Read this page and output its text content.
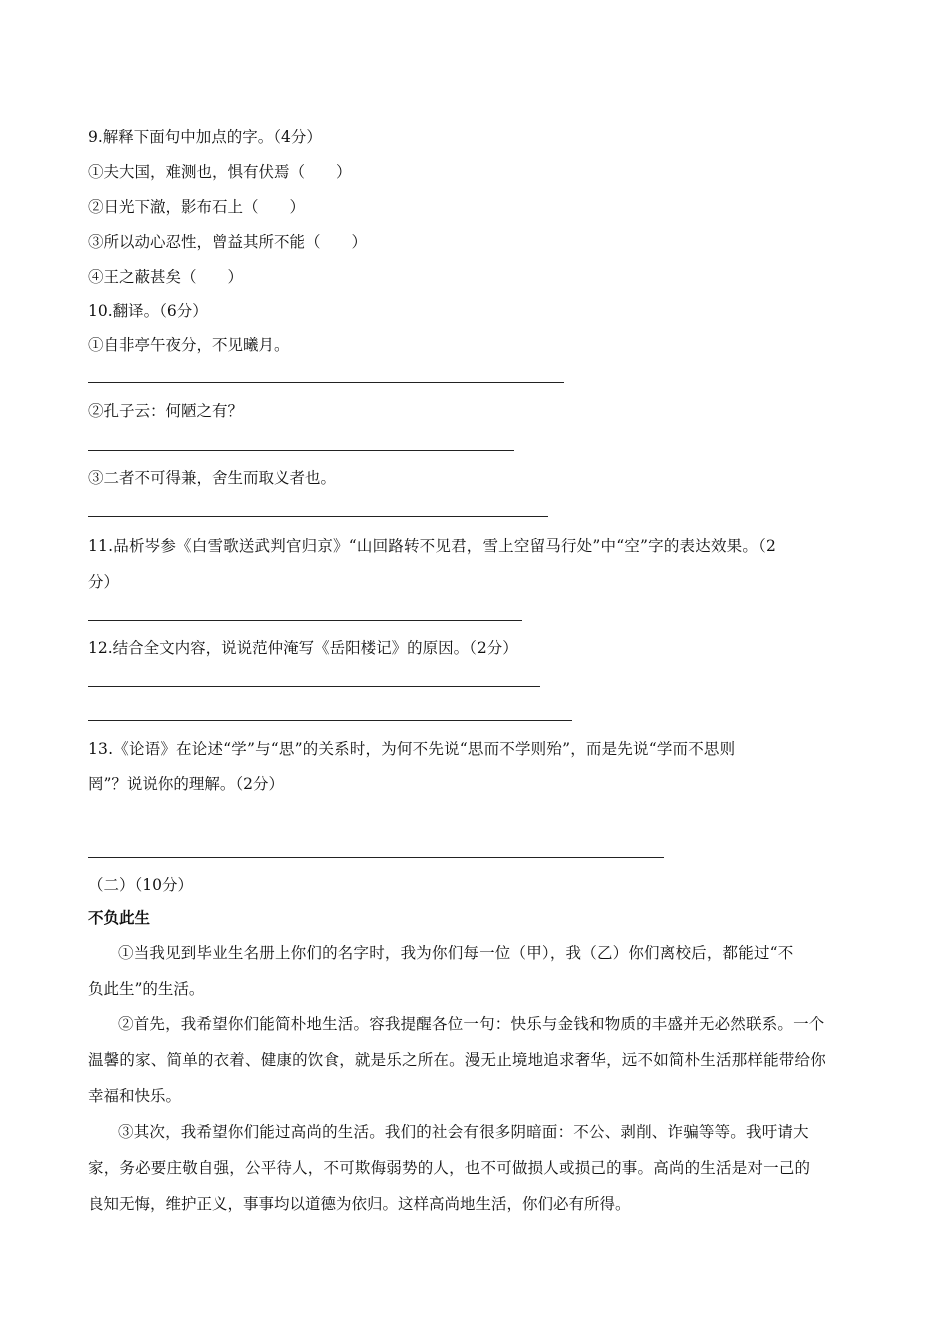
9.解释下面句中加点的字。（4分）
①夫大国，难测也，惧有伏焉（　　）
②日光下澈，影布石上（　　）
③所以动心忍性，曾益其所不能（　　）
④王之蔽甚矣（　　）
10.翻译。（6分）
①自非亭午夜分，不见曦月。
②孔子云：何陋之有？
③二者不可得兼，舍生而取义者也。
11.品析岑参《白雪歌送武判官归京》“山回路转不见君，雪上空留马行处”中“空”字的表达效果。（2
分）
12.结合全文内容，说说范仲淹写《岳阳楼记》的原因。（2分）
13.《论语》在论述“学”与“思”的关系时，为何不先说“思而不学则殆”，而是先说“学而不思则
罔”？说说你的理解。（2分）
（二）（10分）
不负此生
①当我见到毕业生名册上你们的名字时，我为你们每一位（甲），我（乙）你们离校后，都能过“不
负此生”的生活。
②首先，我希望你们能简朴地生活。容我提醒各位一句：快乐与金钱和物质的丰盛并无必然联系。一个
温馨的家、简单的衣着、健康的饮食，就是乐之所在。漫无止境地追求奢华，远不如简朴生活那样能带给你
幸福和快乐。
③其次，我希望你们能过高尚的生活。我们的社会有很多阴暗面：不公、剥削、诈骗等等。我吁请大
家，务必要庄敬自强，公平待人，不可欺侮弱势的人，也不可做损人或损己的事。高尚的生活是对一己的
良知无悔，维护正义，事事均以道德为依归。这样高尚地生活，你们必有所得。
